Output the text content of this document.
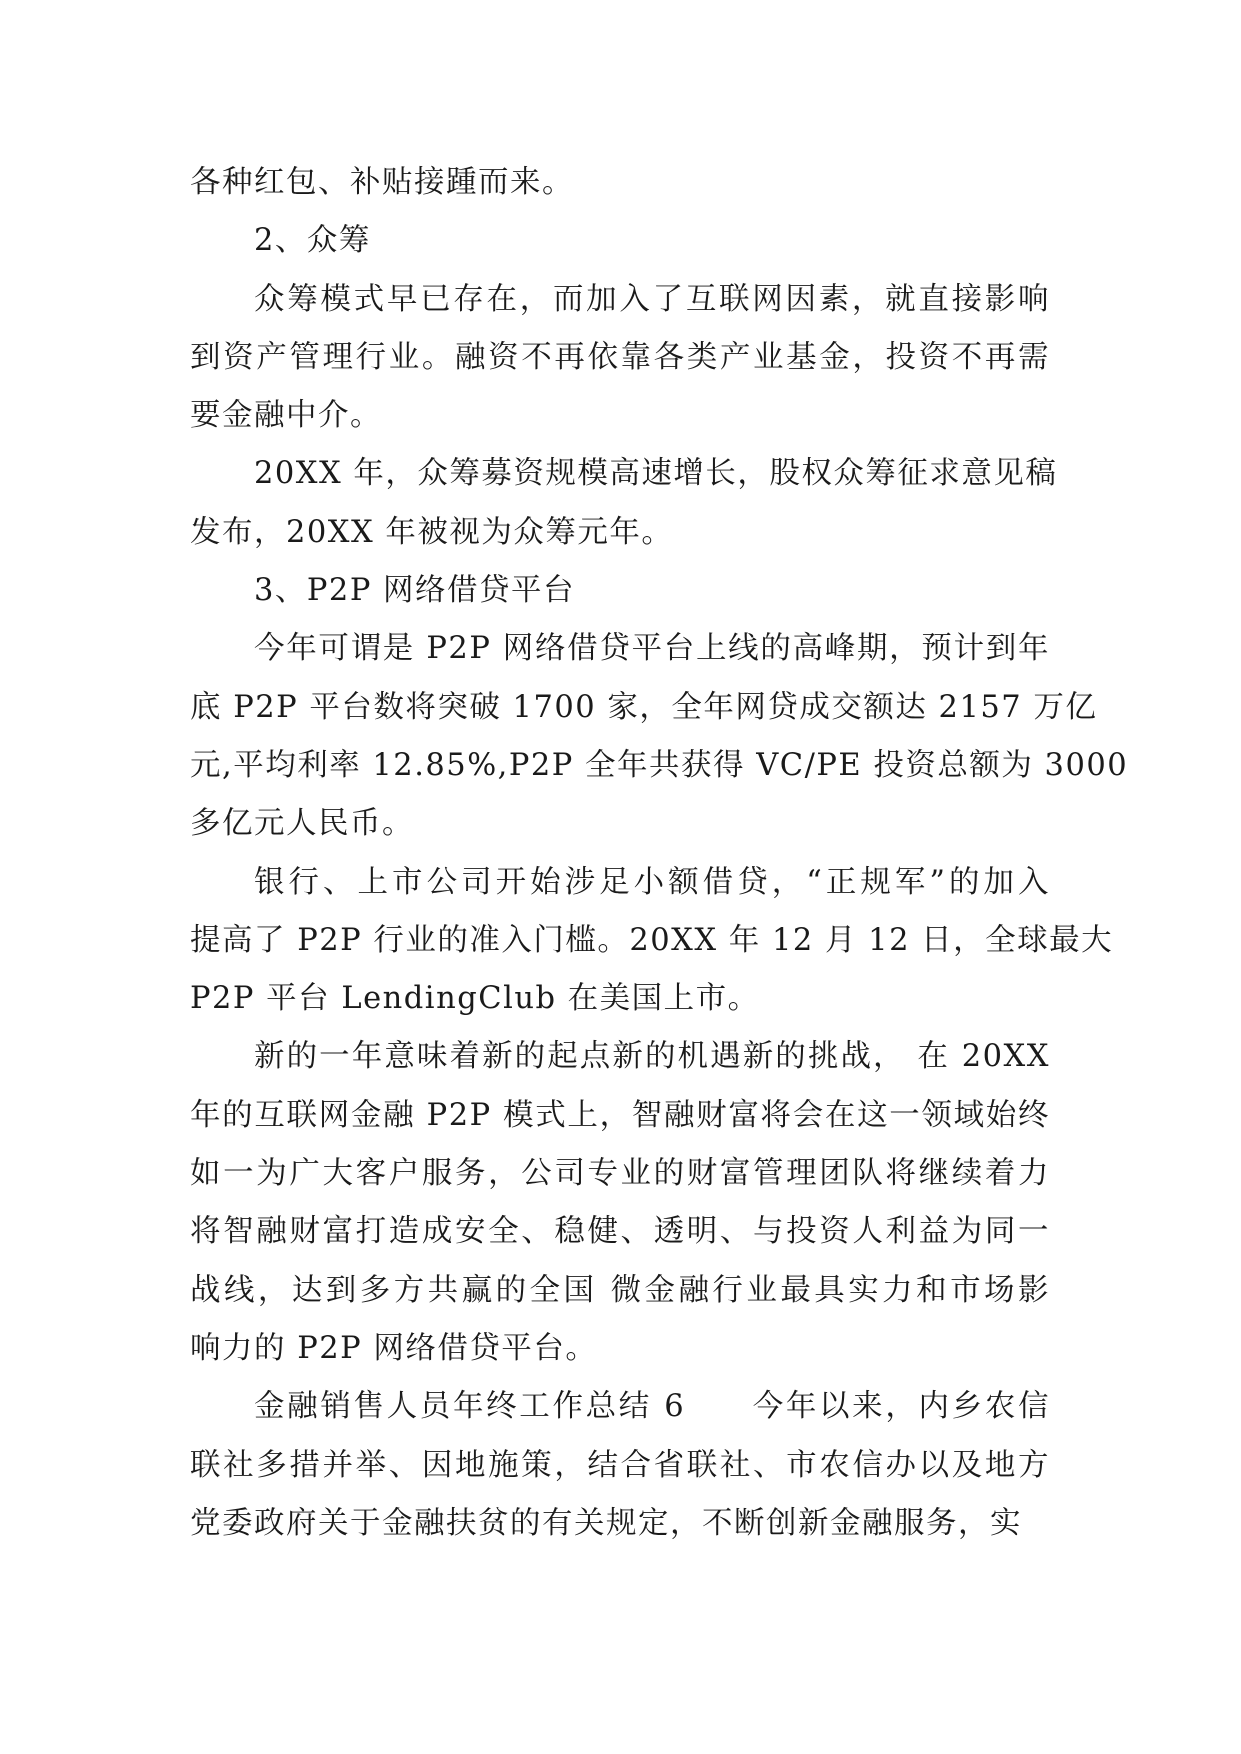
各种红包、补贴接踵而来。
2、众筹
众筹模式早已存在，而加入了互联网因素，就直接影响
到资产管理行业。融资不再依靠各类产业基金，投资不再需
要金融中介。
20XX 年，众筹募资规模高速增长，股权众筹征求意见稿
发布，20XX 年被视为众筹元年。
3、P2P 网络借贷平台
今年可谓是 P2P 网络借贷平台上线的高峰期，预计到年
底 P2P 平台数将突破 1700 家，全年网贷成交额达 2157 万亿
元,平均利率 12.85%,P2P 全年共获得 VC/PE 投资总额为 3000
多亿元人民币。
银行、上市公司开始涉足小额借贷，“正规军”的加入
提高了 P2P 行业的准入门槛。20XX 年 12 月 12 日，全球最大
P2P 平台 LendingClub 在美国上市。
新的一年意味着新的起点新的机遇新的挑战， 在 20XX
年的互联网金融 P2P 模式上，智融财富将会在这一领域始终
如一为广大客户服务，公司专业的财富管理团队将继续着力
将智融财富打造成安全、稳健、透明、与投资人利益为同一
战线，达到多方共赢的全国 微金融行业最具实力和市场影
响力的 P2P 网络借贷平台。
金融销售人员年终工作总结 6　　今年以来，内乡农信
联社多措并举、因地施策，结合省联社、市农信办以及地方
党委政府关于金融扶贫的有关规定，不断创新金融服务，实
